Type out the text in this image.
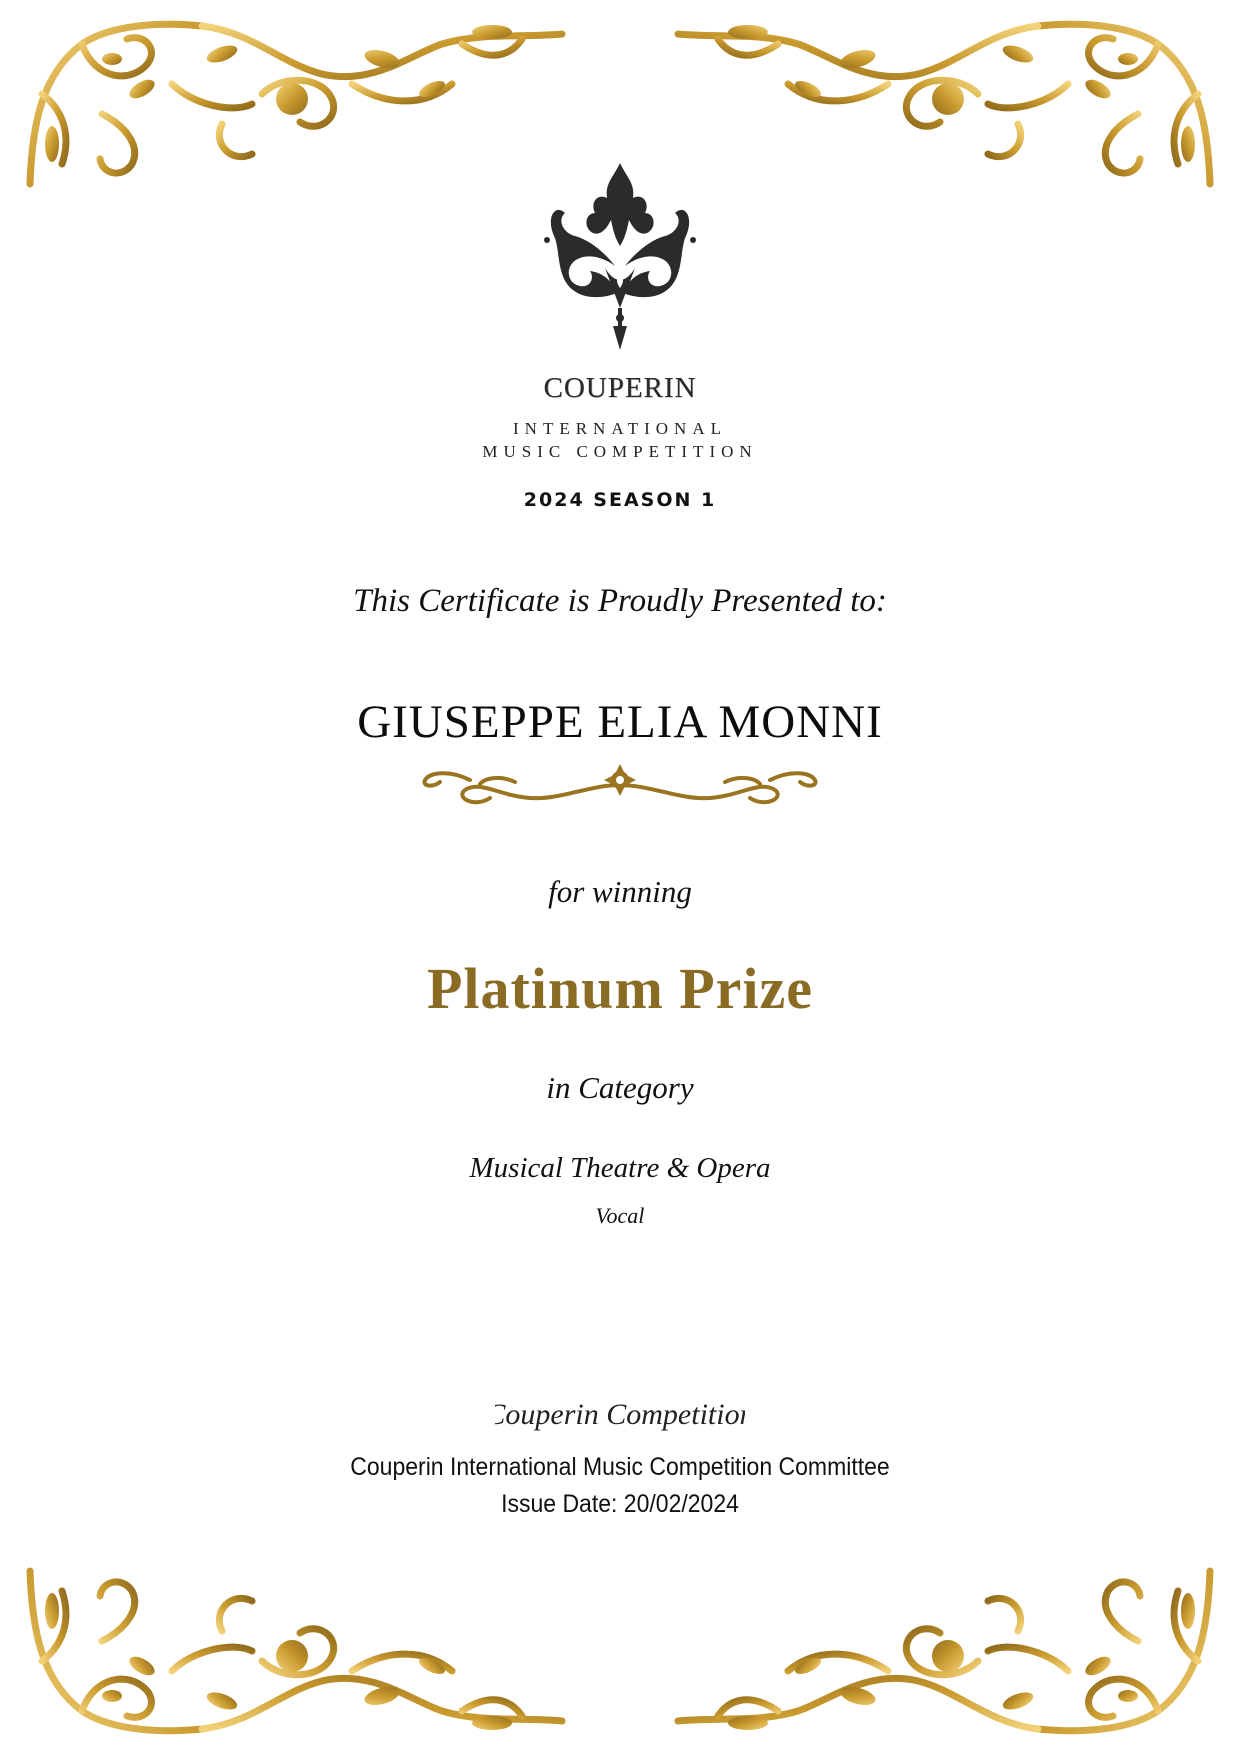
COUPERIN
INTERNATIONAL
MUSIC COMPETITION
2024 SEASON 1
This Certificate is Proudly Presented to:
GIUSEPPE ELIA MONNI
for winning
Platinum Prize
in Category
Musical Theatre & Opera
Vocal
Couperin Competition
Couperin International Music Competition Committee
Issue Date: 20/02/2024
